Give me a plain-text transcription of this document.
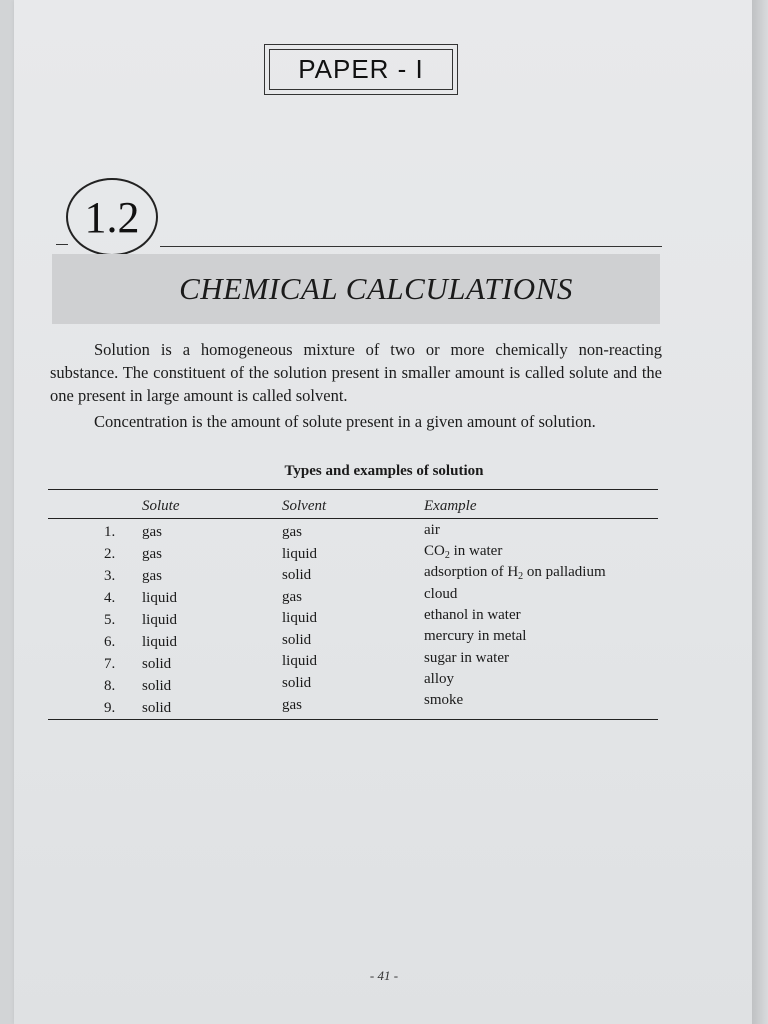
PAPER - I
1.2
CHEMICAL CALCULATIONS
Solution is a homogeneous mixture of two or more chemically non-reacting substance. The constituent of the solution present in smaller amount is called solute and the one present in large amount is called solvent.
Concentration is the amount of solute present in a given amount of solution.
Types and examples of solution
Solute	Solvent	Example
1. gas	gas	air
2. gas	liquid	$CO_2$ in water
3. gas	solid	adsorption of $H_2$ on palladium
4. liquid	gas	cloud
5. liquid	liquid	ethanol in water
6. liquid	solid	mercury in metal
7. solid	liquid	sugar in water
8. solid	solid	alloy
9. solid	gas	smoke
- 41 -
